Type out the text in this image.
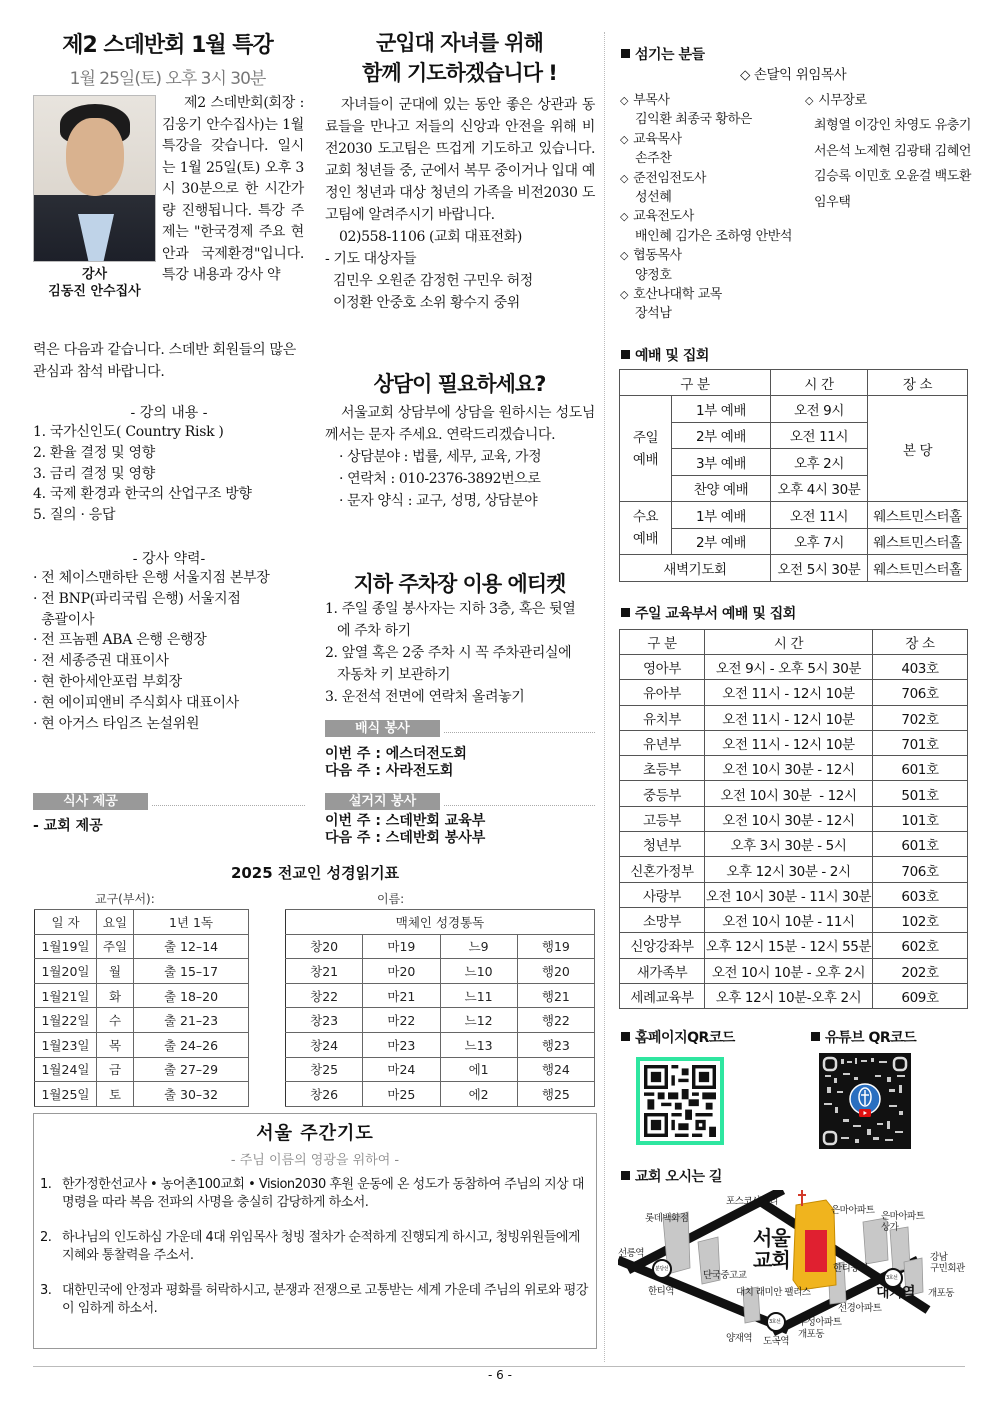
제2 스데반회 1월 특강
1월 25일(토) 오후 3시 30분
강사
김동진 안수집사
제2 스데반회(회장 : 김웅기 안수집사)는 1월 특강을 갖습니다. 일시는 1월 25일(토) 오후 3시 30분으로 한 시간가량 진행됩니다. 특강 주제는 "한국경제 주요 현안과 국제환경"입니다. 특강 내용과 강사 약
력은 다음과 같습니다. 스데반 회원들의 많은 관심과 참석 바랍니다.
- 강의 내용 -
1. 국가신인도( Country Risk )
2. 환율 결정 및 영향
3. 금리 결정 및 영향
4. 국제 환경과 한국의 산업구조 방향
5. 질의 · 응답
- 강사 약력-
· 전 체이스맨하탄 은행 서울지점 본부장
· 전 BNP(파리국립 은행) 서울지점
총괄이사
· 전 프놈펜 ABA 은행 은행장
· 전 세종증권 대표이사
· 현 한아세안포럼 부회장
· 현 에이피앤비 주식회사 대표이사
· 현 아거스 타임즈 논설위원
식사 제공
- 교회 제공
군입대 자녀를 위해
함께 기도하겠습니다 !
자녀들이 군대에 있는 동안 좋은 상관과 동료들을 만나고 저들의 신앙과 안전을 위해 비전2030 도고팀은 뜨겁게 기도하고 있습니다. 교회 청년들 중, 군에서 복무 중이거나 입대 예정인 청년과 대상 청년의 가족을 비전2030 도고팀에 알려주시기 바랍니다.
02)558-1106 (교회 대표전화)
- 기도 대상자들
김민우 오원준 감정헌 구민우 허정
이정환 안중호 소위 황수지 중위
상담이 필요하세요?
서울교회 상담부에 상담을 원하시는 성도님께서는 문자 주세요. 연락드리겠습니다.
· 상담분야 : 법률, 세무, 교육, 가정
· 연락처 : 010-2376-3892번으로
· 문자 양식 : 교구, 성명, 상담분야
지하 주차장 이용 에티켓
1. 주일 종일 봉사자는 지하 3층, 혹은 뒷열
에 주차 하기
2. 앞열 혹은 2중 주차 시 꼭 주차관리실에
자동차 키 보관하기
3. 운전석 전면에 연락처 올려놓기
배식 봉사
이번 주 : 에스더전도회
다음 주 : 사라전도회
설거지 봉사
이번 주 : 스데반회 교육부
다음 주 : 스데반회 봉사부
2025 전교인 성경읽기표
교구(부서):	이름:
일 자	요일	1년 1독
1월19일	주일	출 12–14
1월20일	월	출 15–17
1월21일	화	출 18–20
1월22일	수	출 21–23
1월23일	목	출 24–26
1월24일	금	출 27–29
1월25일	토	출 30–32
맥체인 성경통독			
창20	마19	느9	행19
창21	마20	느10	행20
창22	마21	느11	행21
창23	마22	느12	행22
창24	마23	느13	행23
창25	마24	에1	행24
창26	마25	에2	행25
서울 주간기도
- 주님 이름의 영광을 위하여 -
1. 한가정한선교사 • 농어촌100교회 • Vision2030 후원 운동에 온 성도가 동참하여 주님의 지상 대명령을 따라 복음 전파의 사명을 충실히 감당하게 하소서.
2. 하나님의 인도하심 가운데 4대 위임목사 청빙 절차가 순적하게 진행되게 하시고, 청빙위원들에게 지혜와 통찰력을 주소서.
3. 대한민국에 안정과 평화를 허락하시고, 분쟁과 전쟁으로 고통받는 세계 가운데 주님의 위로와 평강이 임하게 하소서.
섬기는 분들
◇ 손달익 위임목사
◇ 부목사
김익환 최종국 황하은
◇ 교육목사
손주찬
◇ 준전임전도사
성선혜
◇ 교육전도사
배인혜 김가은 조하영 안반석
◇ 협동목사
양정호
◇ 호산나대학 교목
장석남
◇ 시무장로
최형열 이강인 차영도 유충기
서은석 노제현 김광태 김혜언
김승록 이민호 오윤걸 백도환
임우택
예배 및 집회
구 분		시 간	장 소
주일
예배	1부 예배	오전 9시	본 당
	2부 예배	오전 11시	
	3부 예배	오후 2시	
	찬양 예배	오후 4시 30분	
수요
예배	1부 예배	오전 11시	웨스트민스터홀
	2부 예배	오후 7시	웨스트민스터홀
새벽기도회		오전 5시 30분	웨스트민스터홀
주일 교육부서 예배 및 집회
구 분	시 간	장 소
영아부	오전 9시 - 오후 5시 30분	403호
유아부	오전 11시 - 12시 10분	706호
유치부	오전 11시 - 12시 10분	702호
유년부	오전 11시 - 12시 10분	701호
초등부	오전 10시 30분 - 12시	601호
중등부	오전 10시 30분  - 12시	501호
고등부	오전 10시 30분 - 12시	101호
청년부	오후 3시 30분 - 5시	601호
신혼가정부	오후 12시 30분 - 2시	706호
사랑부	오전 10시 30분 - 11시 30분	603호
소망부	오전 10시 10분 - 11시	102호
신앙강좌부	오후 12시 15분 - 12시 55분	602호
새가족부	오전 10시 10분 - 오후 2시	202호
세례교육부	오후 12시 10분-오후 2시	609호
홈페이지QR코드	유튜브 QR코드
교회 오시는 길
포스코사거리
롯데백화점
은마아파트
은마아파트
상가
선릉역
서울
교회	강남
구민회관
단국중고교
한티공원
한티역	대치 래미안 팰리스	대치역 개포동
선경아파트
우성아파트
개포동
양재역 도곡역
분당선
3호선
3호선
- 6 -
